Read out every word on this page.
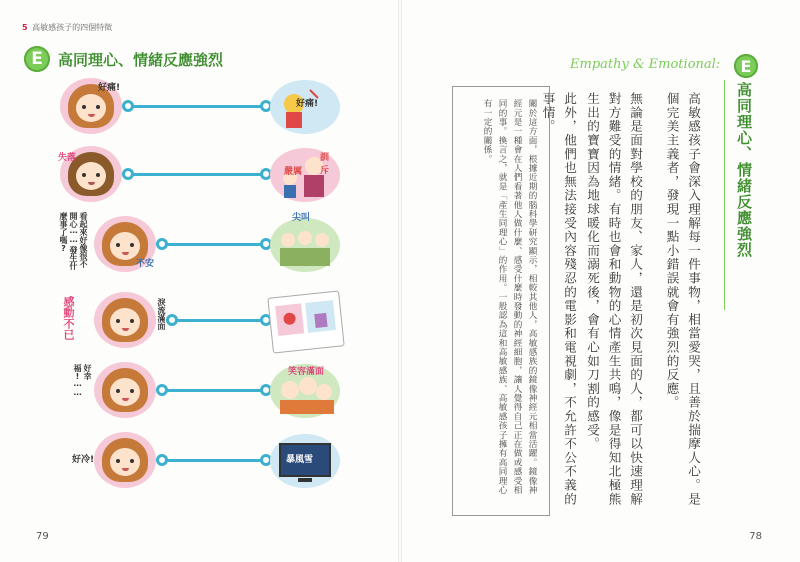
5 高敏感孩子的四個特徵
E	高同理心、情緒反應強烈
好痛!
好痛!
失落
嚴厲
訓斥
看起來好像很不開心⋯⋯發生什麼事了嗎?
不安
尖叫
感動不已	淚流滿面
好幸福!⋯⋯	笑容滿面
好冷!	暴風雪
79
Empathy & Emotional:	E
高同理心、情緒反應強烈
高敏感孩子會深入理解每一件事物，相當愛哭，且善於揣摩人心。是個完美主義者，發現一點小錯誤就會有強烈的反應。
無論是面對學校的朋友、家人，還是初次見面的人，都可以快速理解對方難受的情緒。有時也會和動物的心情產生共鳴，像是得知北極熊生出的寶寶因為地球暖化而溺死後，會有心如刀割的感受。
此外，他們也無法接受內容殘忍的電影和電視劇，不允許不公不義的事情。
關於這方面，根據近期的腦科學研究顯示，相較其他人，高敏感族的鏡像神經元相當活躍。鏡像神經元是一種會在人們看著他人做什麼、感受什麼時發動的神經細胞，讓人覺得自己正在做或感受相同的事。換言之，就是「產生同理心」的作用。一般認為這和高敏感族、高敏感孩子擁有高同理心有一定的關係。
78
